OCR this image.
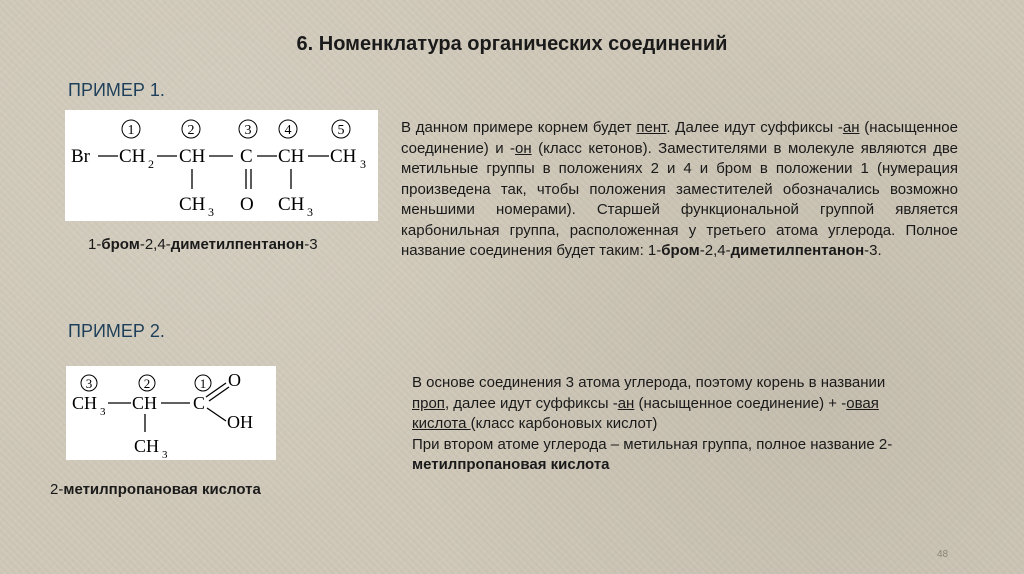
6. Номенклатура органических соединений
ПРИМЕР 1.
1	2	3 4	5
Br CH 2 CH C CH CH 3
CH 3 O CH 3
1-бром-2,4-диметилпентанон-3
В данном примере корнем будет пент. Далее идут суффиксы -ан (насыщенное соединение) и -он (класс кетонов). Заместителями в молекуле являются две метильные группы в положениях 2 и 4 и бром в положении 1 (нумерация произведена так, чтобы положения заместителей обозначались возможно меньшими номерами). Старшей функциональной группой является карбонильная группа, расположенная у третьего атома углерода. Полное название соединения будет таким: 1-бром-2,4-диметилпентанон-3.
ПРИМЕР 2.
3	2	1
CH 3 CH C
O
OH
CH 3
2-метилпропановая кислота
В основе соединения 3 атома углерода, поэтому корень в названии проп, далее идут суффиксы -ан (насыщенное соединение) + -овая кислота (класс карбоновых кислот)
При втором атоме углерода – метильная группа, полное название 2-метилпропановая кислота
48
